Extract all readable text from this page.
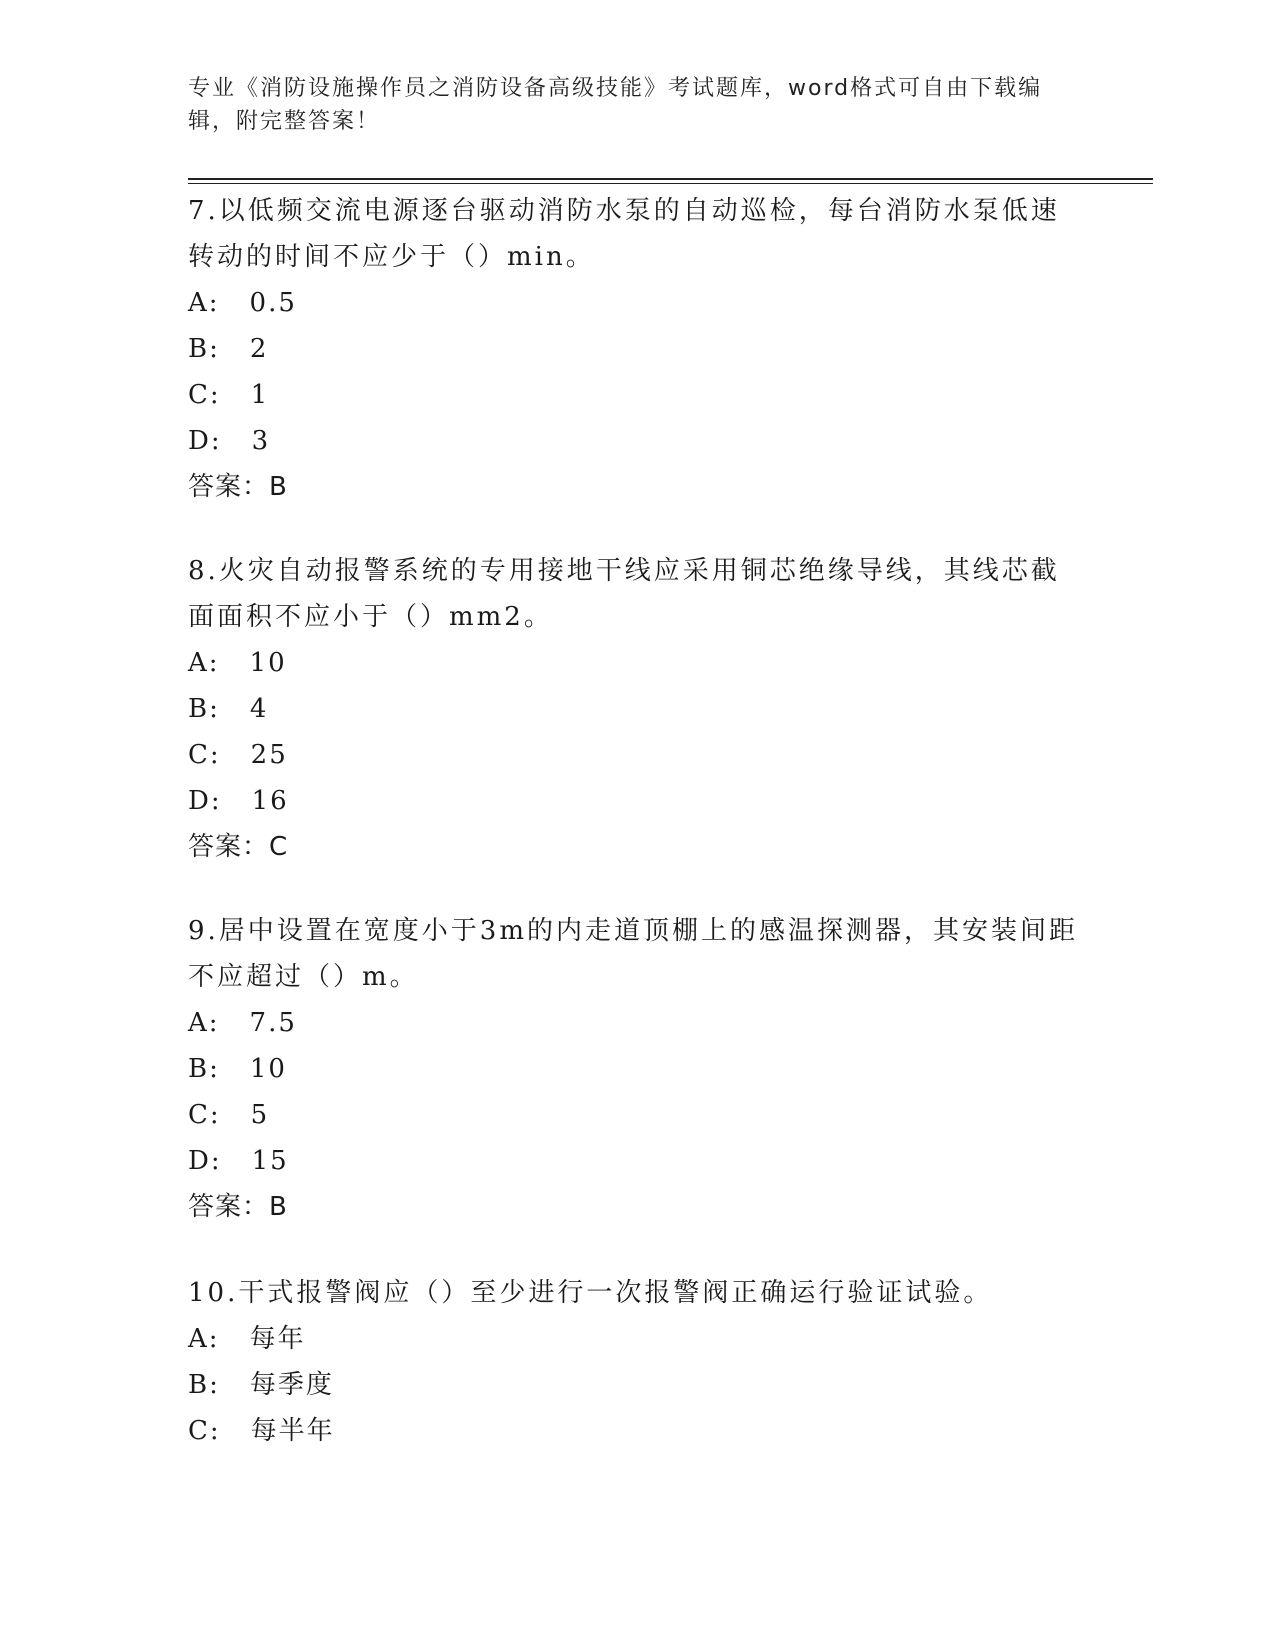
专业《消防设施操作员之消防设备高级技能》考试题库，word格式可自由下载编辑，附完整答案！

7.以低频交流电源逐台驱动消防水泵的自动巡检，每台消防水泵低速转动的时间不应少于（）min。

A: 0.5
B: 2
C: 1
D: 3

答案：B

8.火灾自动报警系统的专用接地干线应采用铜芯绝缘导线，其线芯截面面积不应小于（）mm2。

A: 10
B: 4
C: 25
D: 16

答案：C

9.居中设置在宽度小于3m的内走道顶棚上的感温探测器，其安装间距不应超过（）m。

A: 7.5
B: 10
C: 5
D: 15

答案：B

10.干式报警阀应（）至少进行一次报警阀正确运行验证试验。

A: 每年
B: 每季度
C: 每半年
